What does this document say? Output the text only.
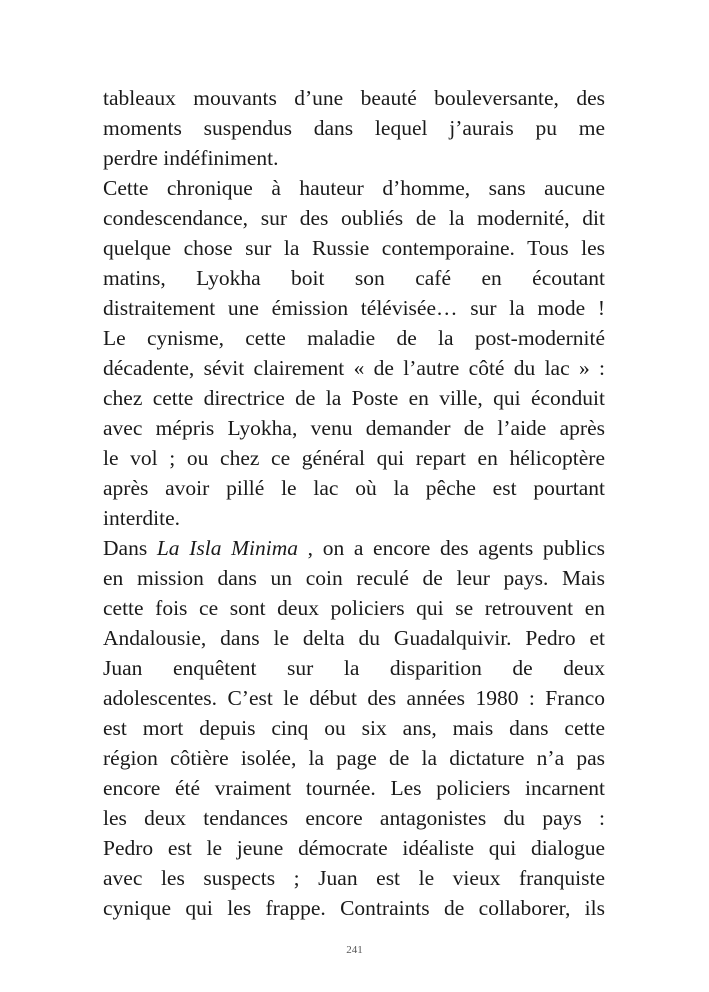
tableaux mouvants d’une beauté bouleversante, des
moments suspendus dans lequel j’aurais pu me
perdre indéfiniment.
Cette chronique à hauteur d’homme, sans aucune
condescendance, sur des oubliés de la modernité, dit
quelque chose sur la Russie contemporaine. Tous les
matins, Lyokha boit son café en écoutant
distraitement une émission télévisée… sur la mode !
Le cynisme, cette maladie de la post-modernité
décadente, sévit clairement « de l’autre côté du lac » :
chez cette directrice de la Poste en ville, qui éconduit
avec mépris Lyokha, venu demander de l’aide après
le vol ; ou chez ce général qui repart en hélicoptère
après avoir pillé le lac où la pêche est pourtant
interdite.
Dans La Isla Minima , on a encore des agents publics
en mission dans un coin reculé de leur pays. Mais
cette fois ce sont deux policiers qui se retrouvent en
Andalousie, dans le delta du Guadalquivir. Pedro et
Juan enquêtent sur la disparition de deux
adolescentes. C’est le début des années 1980 : Franco
est mort depuis cinq ou six ans, mais dans cette
région côtière isolée, la page de la dictature n’a pas
encore été vraiment tournée. Les policiers incarnent
les deux tendances encore antagonistes du pays :
Pedro est le jeune démocrate idéaliste qui dialogue
avec les suspects ; Juan est le vieux franquiste
cynique qui les frappe. Contraints de collaborer, ils
241
